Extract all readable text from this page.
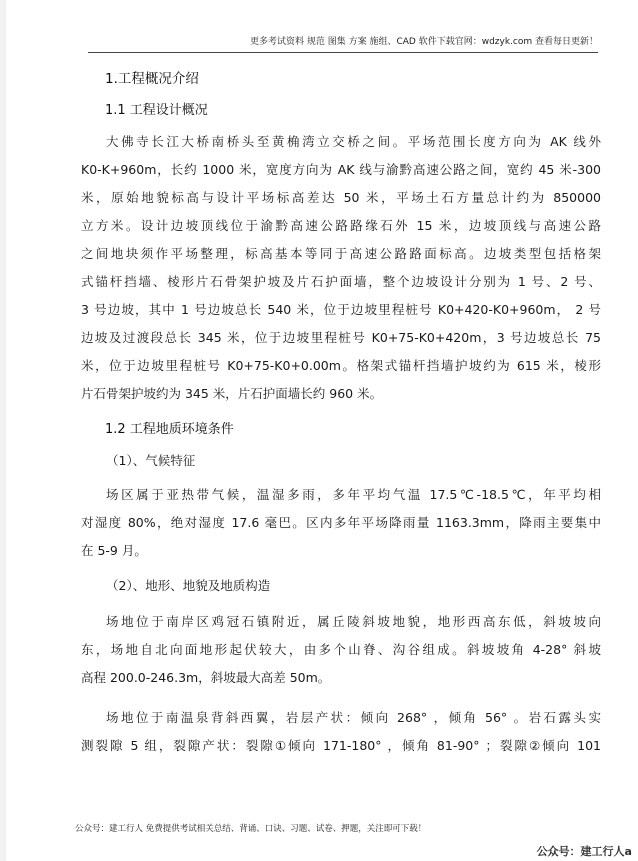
更多考试资料 规范 图集 方案 施组、CAD 软件下载官网：wdzyk.com 查看每日更新！
1.工程概况介绍
1.1 工程设计概况
大佛寺长江大桥南桥头至黄桷湾立交桥之间。平场范围长度方向为 AK 线外
K0-K+960m，长约 1000 米，宽度方向为 AK 线与渝黔高速公路之间，宽约 45 米-300
米，原始地貌标高与设计平场标高差达 50 米，平场土石方量总计约为 850000
立方米。设计边坡顶线位于渝黔高速公路路缘石外 15 米，边坡顶线与高速公路
之间地块须作平场整理，标高基本等同于高速公路路面标高。边坡类型包括格架
式锚杆挡墙、棱形片石骨架护坡及片石护面墙，整个边坡设计分别为 1 号、2 号、
3 号边坡，其中 1 号边坡总长 540 米，位于边坡里程桩号 K0+420-K0+960m， 2 号
边坡及过渡段总长 345 米，位于边坡里程桩号 K0+75-K0+420m，3 号边坡总长 75
米，位于边坡里程桩号 K0+75-K0+0.00m。格架式锚杆挡墙护坡约为 615 米，棱形
片石骨架护坡约为 345 米，片石护面墙长约 960 米。
1.2 工程地质环境条件
（1）、气候特征
场区属于亚热带气候，温湿多雨，多年平均气温 17.5℃-18.5℃，年平均相
对湿度 80%，绝对湿度 17.6 毫巴。区内多年平场降雨量 1163.3mm，降雨主要集中
在 5-9 月。
（2）、地形、地貌及地质构造
场地位于南岸区鸡冠石镇附近，属丘陵斜坡地貌，地形西高东低，斜坡坡向
东，场地自北向面地形起伏较大，由多个山脊、沟谷组成。斜坡坡角 4-28° 斜坡
高程 200.0-246.3m，斜坡最大高差 50m。
场地位于南温泉背斜西翼，岩层产状：倾向 268° ，倾角 56° 。岩石露头实
测裂隙 5 组，裂隙产状：裂隙①倾向 171-180° ，倾角 81-90° ；裂隙②倾向 101
公众号：建工行人 免费提供考试相关总结、背诵、口诀、习题、试卷、押题，关注即可下载！
公众号：建工行人a
